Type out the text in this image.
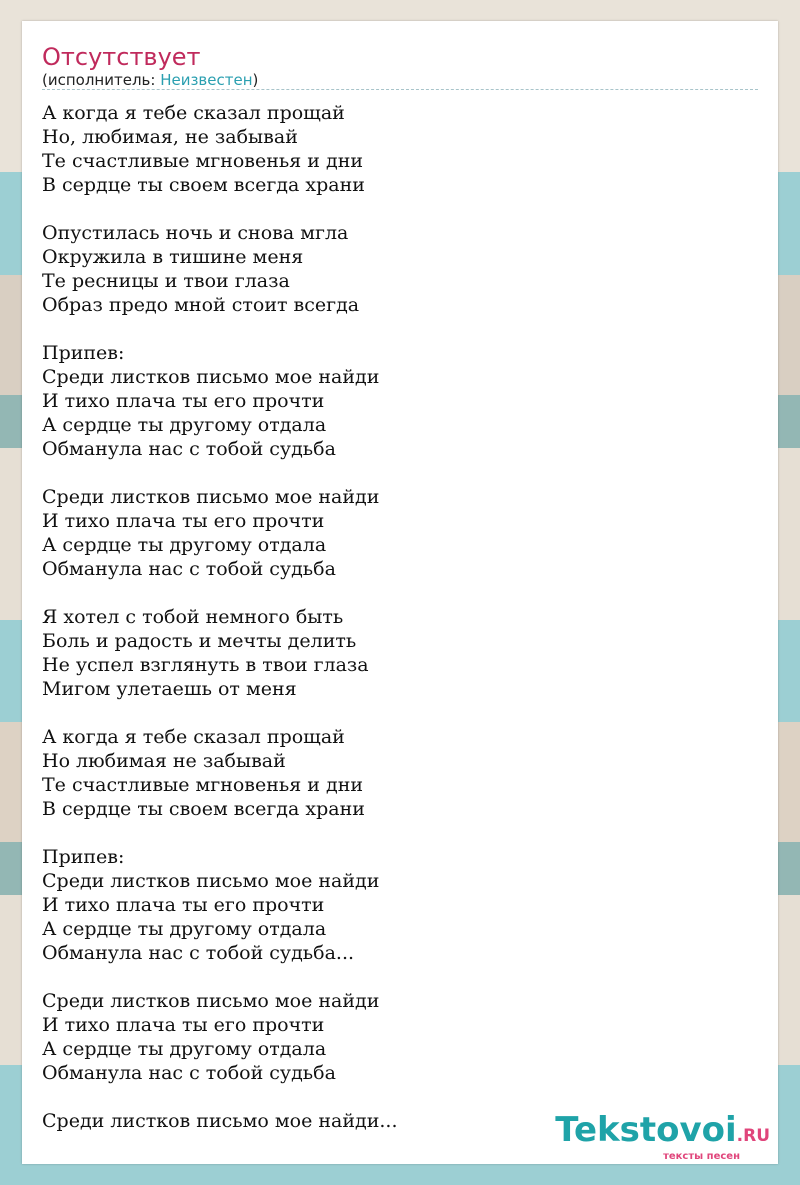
Отсутствует
(исполнитель: Неизвестен)
А когда я тебе сказал прощай
Но, любимая, не забывай
Те счастливые мгновенья и дни
В сердце ты своем всегда храни
Опустилась ночь и снова мгла
Окружила в тишине меня
Те ресницы и твои глаза
Образ предо мной стоит всегда
Припев:
Среди листков письмо мое найди
И тихо плача ты его прочти
А сердце ты другому отдала
Обманула нас с тобой судьба
Среди листков письмо мое найди
И тихо плача ты его прочти
А сердце ты другому отдала
Обманула нас с тобой судьба
Я хотел с тобой немного быть
Боль и радость и мечты делить
Не успел взглянуть в твои глаза
Мигом улетаешь от меня
А когда я тебе сказал прощай
Но любимая не забывай
Те счастливые мгновенья и дни
В сердце ты своем всегда храни
Припев:
Среди листков письмо мое найди
И тихо плача ты его прочти
А сердце ты другому отдала
Обманула нас с тобой судьба...
Среди листков письмо мое найди
И тихо плача ты его прочти
А сердце ты другому отдала
Обманула нас с тобой судьба
Среди листков письмо мое найди...	Tekstovoi.RU
тексты песен
